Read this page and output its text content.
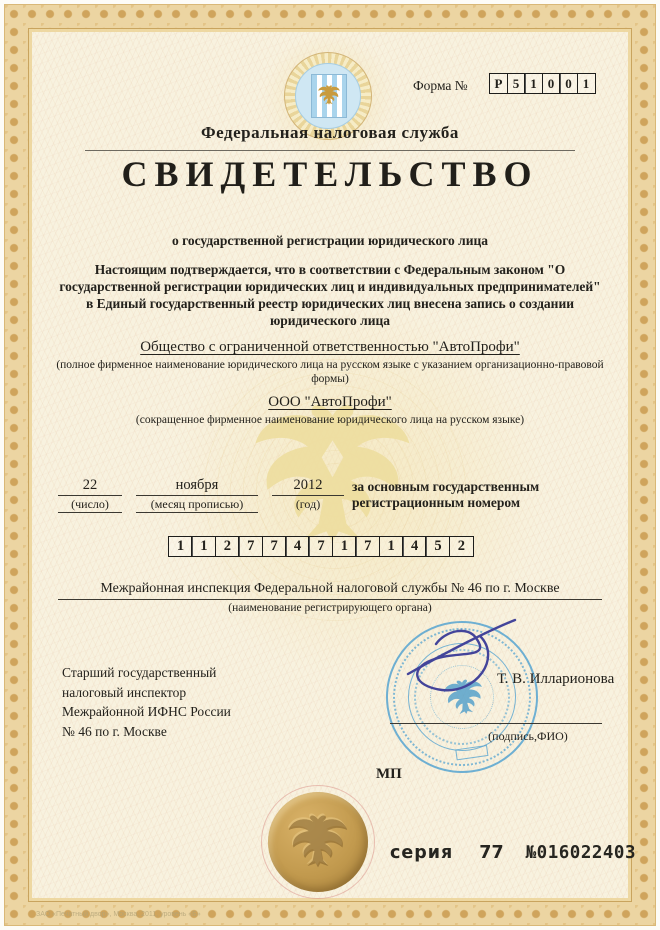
Форма №	Р 5 1 0 0 1
Федеральная налоговая служба
СВИДЕТЕЛЬСТВО
о государственной регистрации юридического лица
Настоящим подтверждается, что в соответствии с Федеральным законом "О
государственной регистрации юридических лиц и индивидуальных предпринимателей"
в Единый государственный реестр юридических лиц внесена запись о создании
юридического лица
Общество с ограниченной ответственностью "АвтоПрофи"
(полное фирменное наименование юридического лица на русском языке с указанием организационно-правовой
формы)
ООО "АвтоПрофи"
(сокращенное фирменное наименование юридического лица на русском языке)
22
(число)
ноября
(месяц прописью)
2012
(год)
за основным государственным регистрационным номером
1	1	2	7	7	4	7	1	7	1	4	5	2
Межрайонная инспекция Федеральной налоговой службы № 46 по г. Москве
(наименование регистрирующего органа)
Старший государственный
налоговый инспектор
Межрайонной ИФНС России
№ 46 по г. Москве
Т. В. Илларионова
(подпись,ФИО)
МП
серия 77 №016022403
ЗАО «Печатный двор», Москва, 2011, уровень «Б»
